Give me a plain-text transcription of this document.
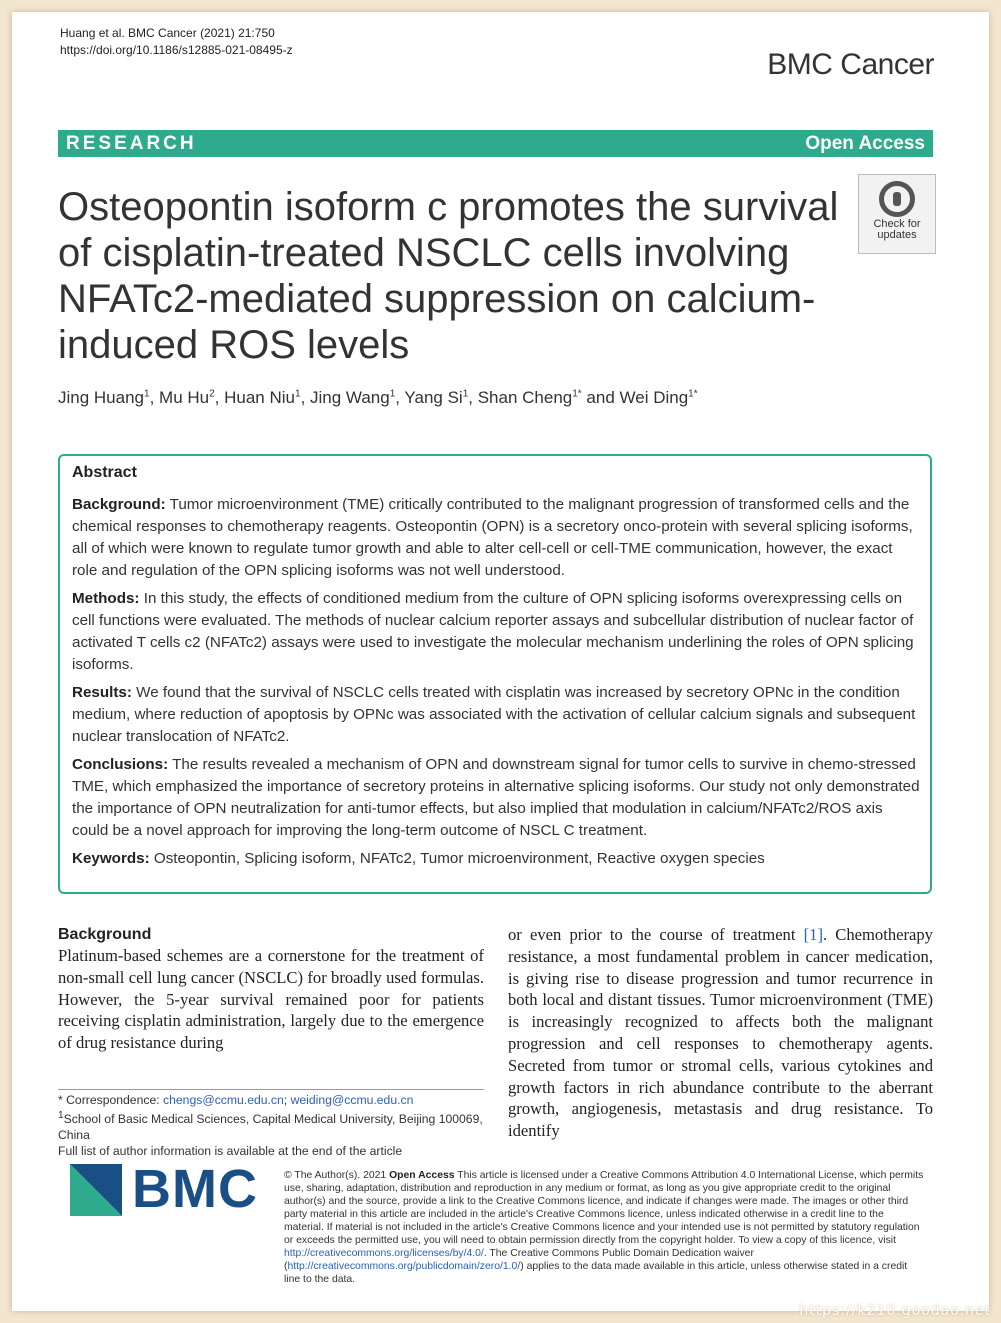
Huang et al. BMC Cancer (2021) 21:750
https://doi.org/10.1186/s12885-021-08495-z	BMC Cancer
RESEARCH	Open Access
Check for
updates
Osteopontin isoform c promotes the survival of cisplatin-treated NSCLC cells involving NFATc2-mediated suppression on calcium-induced ROS levels
Jing Huang$^1$, Mu Hu$^2$, Huan Niu$^1$, Jing Wang$^1$, Yang Si$^1$, Shan Cheng$^{1*}$ and Wei Ding$^{1*}$
Abstract

Background: Tumor microenvironment (TME) critically contributed to the malignant progression of transformed cells and the chemical responses to chemotherapy reagents. Osteopontin (OPN) is a secretory onco-protein with several splicing isoforms, all of which were known to regulate tumor growth and able to alter cell-cell or cell-TME communication, however, the exact role and regulation of the OPN splicing isoforms was not well understood.

Methods: In this study, the effects of conditioned medium from the culture of OPN splicing isoforms overexpressing cells on cell functions were evaluated. The methods of nuclear calcium reporter assays and subcellular distribution of nuclear factor of activated T cells c2 (NFATc2) assays were used to investigate the molecular mechanism underlining the roles of OPN splicing isoforms.

Results: We found that the survival of NSCLC cells treated with cisplatin was increased by secretory OPNc in the condition medium, where reduction of apoptosis by OPNc was associated with the activation of cellular calcium signals and subsequent nuclear translocation of NFATc2.

Conclusions: The results revealed a mechanism of OPN and downstream signal for tumor cells to survive in chemo-stressed TME, which emphasized the importance of secretory proteins in alternative splicing isoforms. Our study not only demonstrated the importance of OPN neutralization for anti-tumor effects, but also implied that modulation in calcium/NFATc2/ROS axis could be a novel approach for improving the long-term outcome of NSCL C treatment.

Keywords: Osteopontin, Splicing isoform, NFATc2, Tumor microenvironment, Reactive oxygen species

Background
Platinum-based schemes are a cornerstone for the treatment of non-small cell lung cancer (NSCLC) for broadly used formulas. However, the 5-year survival remained poor for patients receiving cisplatin administration, largely due to the emergence of drug resistance during
or even prior to the course of treatment [1]. Chemotherapy resistance, a most fundamental problem in cancer medication, is giving rise to disease progression and tumor recurrence in both local and distant tissues. Tumor microenvironment (TME) is increasingly recognized to affects both the malignant progression and cell responses to chemotherapy agents. Secreted from tumor or stromal cells, various cytokines and growth factors in rich abundance contribute to the aberrant growth, angiogenesis, metastasis and drug resistance. To identify
* Correspondence: chengs@ccmu.edu.cn; weiding@ccmu.edu.cn
$^1$School of Basic Medical Sciences, Capital Medical University, Beijing 100069, China
Full list of author information is available at the end of the article
BMC	© The Author(s). 2021 Open Access This article is licensed under a Creative Commons Attribution 4.0 International License, which permits use, sharing, adaptation, distribution and reproduction in any medium or format, as long as you give appropriate credit to the original author(s) and the source, provide a link to the Creative Commons licence, and indicate if changes were made. The images or other third party material in this article are included in the article's Creative Commons licence, unless indicated otherwise in a credit line to the material. If material is not included in the article's Creative Commons licence and your intended use is not permitted by statutory regulation or exceeds the permitted use, you will need to obtain permission directly from the copyright holder. To view a copy of this licence, visit http://creativecommons.org/licenses/by/4.0/. The Creative Commons Public Domain Dedication waiver (http://creativecommons.org/publicdomain/zero/1.0/) applies to the data made available in this article, unless otherwise stated in a credit line to the data.
https://k210.goodao.net
